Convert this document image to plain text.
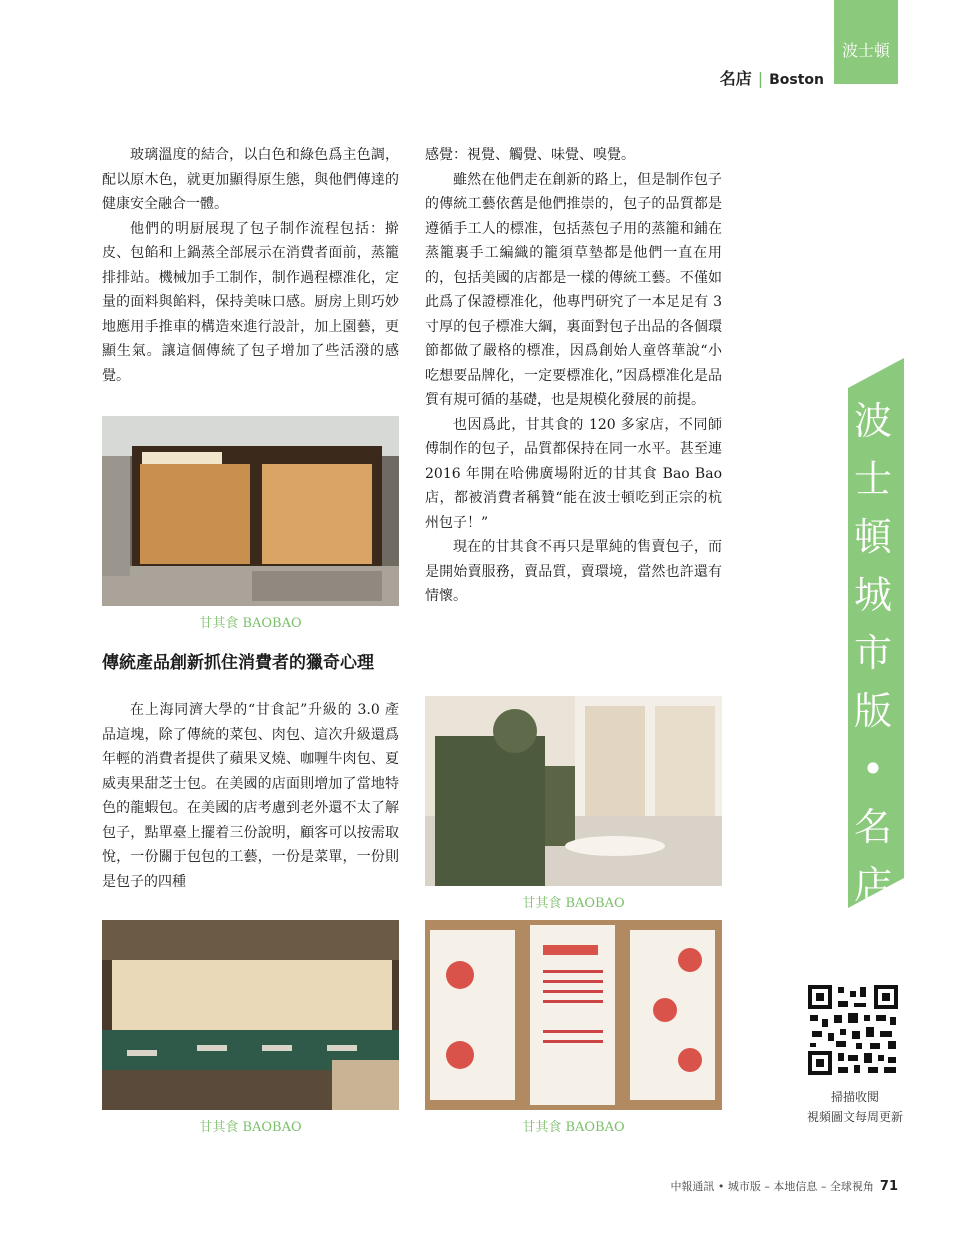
波士頓
名店 | Boston

玻璃溫度的結合，以白色和綠色爲主色調，配以原木色，就更加顯得原生態，與他們傳達的健康安全融合一體。

他們的明厨展現了包子制作流程包括：擀皮、包餡和上鍋蒸全部展示在消費者面前，蒸籠排排站。機械加手工制作，制作過程標准化，定量的面料與餡料，保持美味口感。厨房上則巧妙地應用手推車的構造來進行設計，加上園藝，更顯生氣。讓這個傳統了包子增加了些活潑的感覺。

感覺：視覺、觸覺、味覺、嗅覺。

雖然在他們走在創新的路上，但是制作包子的傳統工藝依舊是他們推崇的，包子的品質都是遵循手工人的標准，包括蒸包子用的蒸籠和鋪在蒸籠裏手工編織的籠須草墊都是他們一直在用的，包括美國的店都是一樣的傳統工藝。不僅如此爲了保證標准化，他專門研究了一本足足有 3 寸厚的包子標准大綱，裏面對包子出品的各個環節都做了嚴格的標准，因爲創始人童啓華說“小吃想要品牌化，一定要標准化，”因爲標准化是品質有規可循的基礎，也是規模化發展的前提。

也因爲此，甘其食的 120 多家店，不同師傅制作的包子，品質都保持在同一水平。甚至連 2016 年開在哈佛廣場附近的甘其食 Bao Bao 店，都被消費者稱贊“能在波士頓吃到正宗的杭州包子！”

現在的甘其食不再只是單純的售賣包子，而是開始賣服務，賣品質，賣環境，當然也許還有情懷。

甘其食 BAOBAO
傳統產品創新抓住消費者的獵奇心理

在上海同濟大學的“甘食記”升級的 3.0 產品這塊，除了傳統的菜包、肉包、這次升級還爲年輕的消費者提供了蘋果叉燒、咖喱牛肉包、夏威夷果甜芝士包。在美國的店面則增加了當地特色的龍蝦包。在美國的店考慮到老外還不太了解包子，點單臺上擺着三份說明，顧客可以按需取悅，一份關于包包的工藝，一份是菜單，一份則是包子的四種

甘其食 BAOBAO
甘其食 BAOBAO	甘其食 BAOBAO
波
士
頓
城
市
版
•
名
店
掃描收閱
視頻圖文每周更新
中報通訊 • 城市版 – 本地信息 – 全球視角 71
